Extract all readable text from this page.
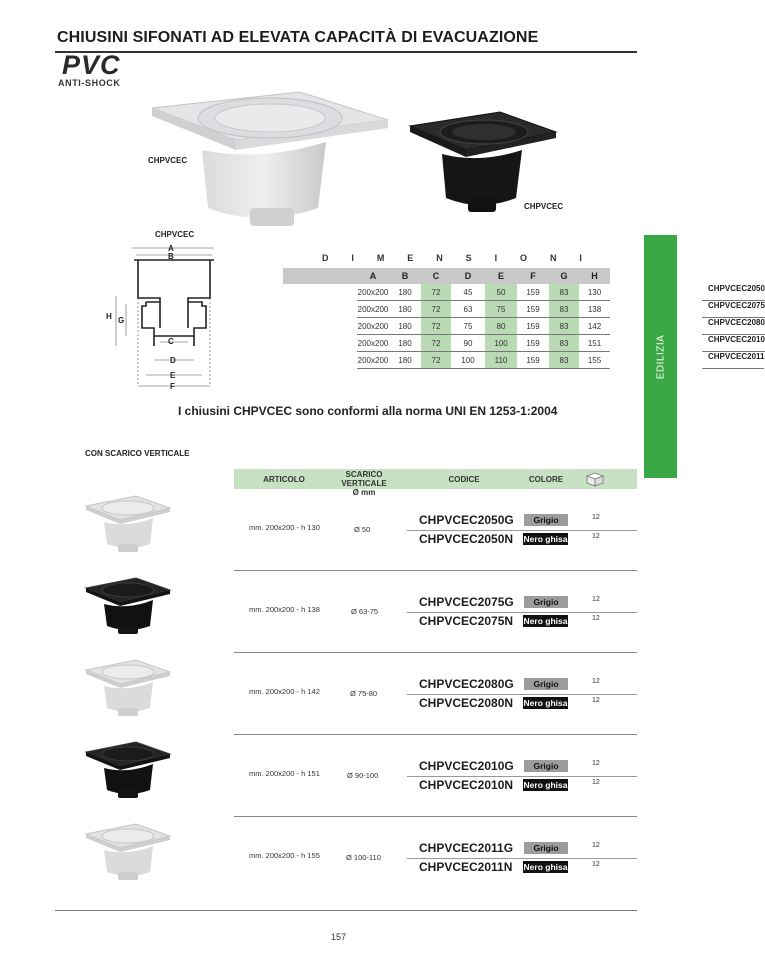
CHIUSINI SIFONATI AD ELEVATA CAPACITÀ DI EVACUAZIONE
PVC
ANTI-SHOCK
CHPVCEC
CHPVCEC
CHPVCEC
A
B
C
D
E
F
G
H
EDILIZIA
D	I	M	E	N	S	I	O	N	I
	A	B	C	D	E	F	G	H

CHPVCEC2050
200x200	180	72	45	50	159	83	130

CHPVCEC2075
200x200	180	72	63	75	159	83	138

CHPVCEC2080
200x200	180	72	75	80	159	83	142

CHPVCEC2010
200x200	180	72	90	100	159	83	151

CHPVCEC2011
200x200	180	72	100	110	159	83	155
I chiusini CHPVCEC sono conformi alla norma UNI EN 1253-1:2004
CON SCARICO VERTICALE
ARTICOLO
SCARICO VERTICALE
Ø mm
CODICE	COLORE
mm. 200x200 - h 130	Ø 50
CHPVCEC2050G	Grigio	12
CHPVCEC2050N Nero ghisa	12
mm. 200x200 - h 138	Ø 63-75
CHPVCEC2075G	Grigio	12
CHPVCEC2075N Nero ghisa	12
mm. 200x200 - h 142	Ø 75-80
CHPVCEC2080G	Grigio	12
CHPVCEC2080N Nero ghisa	12
mm. 200x200 - h 151	Ø 90-100
CHPVCEC2010G	Grigio	12
CHPVCEC2010N Nero ghisa	12
mm. 200x200 - h 155	Ø 100-110
CHPVCEC2011G	Grigio	12
CHPVCEC2011N Nero ghisa	12
157
